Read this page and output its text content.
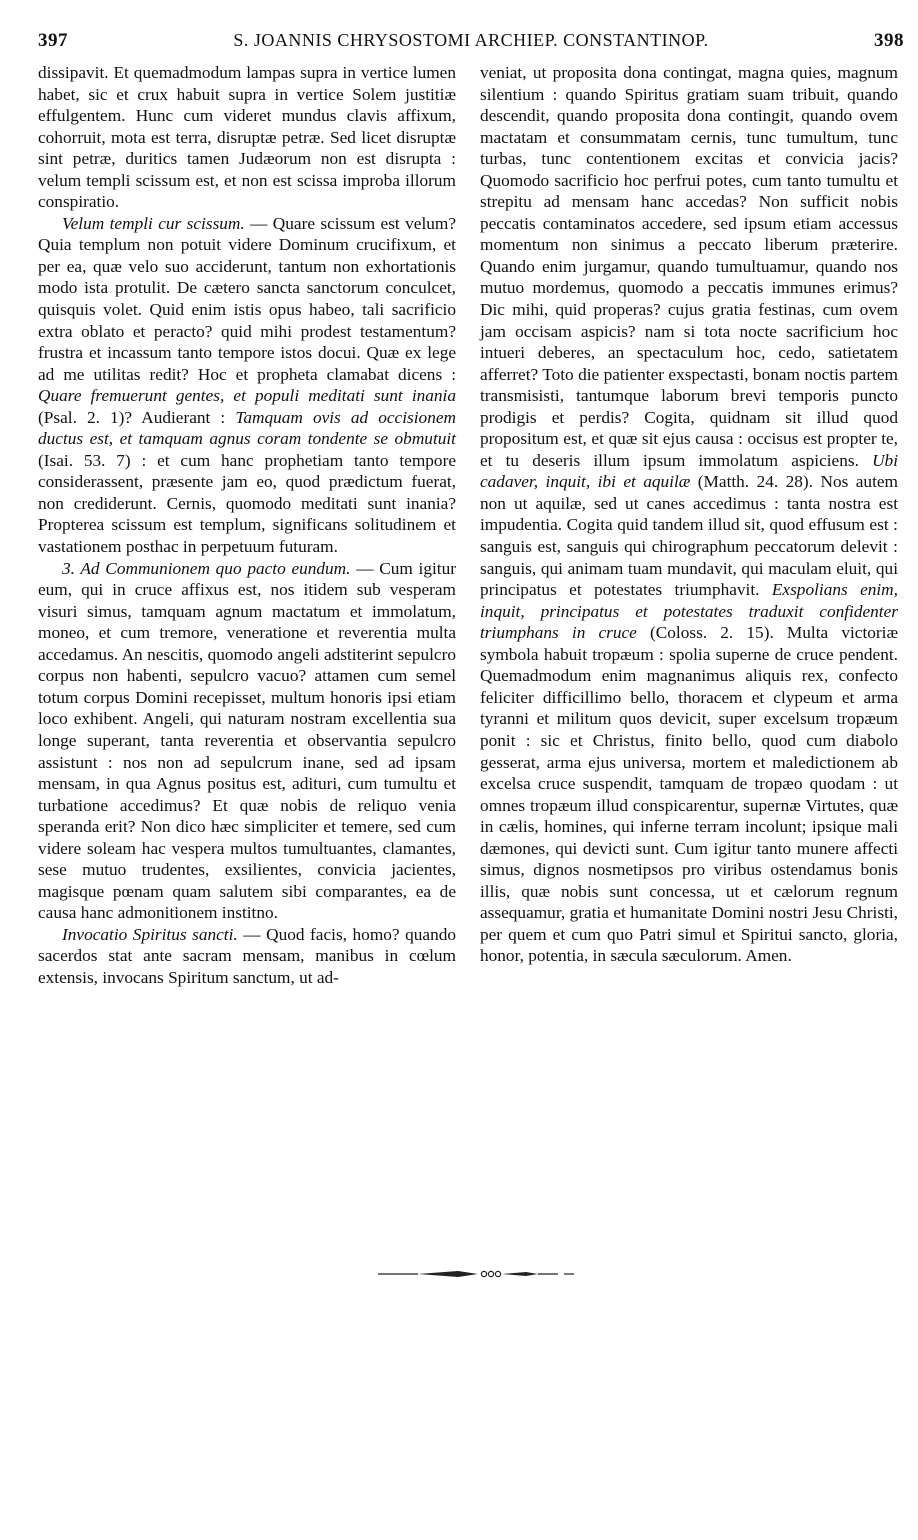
397	S. JOANNIS CHRYSOSTOMI ARCHIEP. CONSTANTINOP.	398

dissipavit. Et quemadmodum lampas supra in vertice lumen habet, sic et crux habuit supra in vertice Solem justitiæ effulgentem. Hunc cum videret mundus clavis affixum, cohorruit, mota est terra, disruptæ petræ. Sed licet disruptæ sint petræ, duritics tamen Judæorum non est disrupta : velum templi scissum est, et non est scissa improba illorum conspiratio.

Velum templi cur scissum. — Quare scissum est velum? Quia templum non potuit videre Dominum crucifixum, et per ea, quæ velo suo acciderunt, tantum non exhortationis modo ista protulit. De cætero sancta sanctorum conculcet, quisquis volet. Quid enim istis opus habeo, tali sacrificio extra oblato et peracto? quid mihi prodest testamentum? frustra et incassum tanto tempore istos docui. Quæ ex lege ad me utilitas redit? Hoc et propheta clamabat dicens : Quare fremuerunt gentes, et populi meditati sunt inania (Psal. 2. 1)? Audierant : Tamquam ovis ad occisionem ductus est, et tamquam agnus coram tondente se obmutuit (Isai. 53. 7) : et cum hanc prophetiam tanto tempore considerassent, præsente jam eo, quod prædictum fuerat, non crediderunt. Cernis, quomodo meditati sunt inania? Propterea scissum est templum, significans solitudinem et vastationem posthac in perpetuum futuram.

3. Ad Communionem quo pacto eundum. — Cum igitur eum, qui in cruce affixus est, nos itidem sub vesperam visuri simus, tamquam agnum mactatum et immolatum, moneo, et cum tremore, veneratione et reverentia multa accedamus. An nescitis, quomodo angeli adstiterint sepulcro corpus non habenti, sepulcro vacuo? attamen cum semel totum corpus Domini recepisset, multum honoris ipsi etiam loco exhibent. Angeli, qui naturam nostram excellentia sua longe superant, tanta reverentia et observantia sepulcro assistunt : nos non ad sepulcrum inane, sed ad ipsam mensam, in qua Agnus positus est, adituri, cum tumultu et turbatione accedimus? Et quæ nobis de reliquo venia speranda erit? Non dico hæc simpliciter et temere, sed cum videre soleam hac vespera multos tumultuantes, clamantes, sese mutuo trudentes, exsilientes, convicia jacientes, magisque pœnam quam salutem sibi comparantes, ea de causa hanc admonitionem institno.

Invocatio Spiritus sancti. — Quod facis, homo? quando sacerdos stat ante sacram mensam, manibus in cœlum extensis, invocans Spiritum sanctum, ut ad-

veniat, ut proposita dona contingat, magna quies, magnum silentium : quando Spiritus gratiam suam tribuit, quando descendit, quando proposita dona contingit, quando ovem mactatam et consummatam cernis, tunc tumultum, tunc turbas, tunc contentionem excitas et convicia jacis? Quomodo sacrificio hoc perfrui potes, cum tanto tumultu et strepitu ad mensam hanc accedas? Non sufficit nobis peccatis contaminatos accedere, sed ipsum etiam accessus momentum non sinimus a peccato liberum præterire. Quando enim jurgamur, quando tumultuamur, quando nos mutuo mordemus, quomodo a peccatis immunes erimus? Dic mihi, quid properas? cujus gratia festinas, cum ovem jam occisam aspicis? nam si tota nocte sacrificium hoc intueri deberes, an spectaculum hoc, cedo, satietatem afferret? Toto die patienter exspectasti, bonam noctis partem transmisisti, tantumque laborum brevi temporis puncto prodigis et perdis? Cogita, quidnam sit illud quod propositum est, et quæ sit ejus causa : occisus est propter te, et tu deseris illum ipsum immolatum aspiciens. Ubi cadaver, inquit, ibi et aquilæ (Matth. 24. 28). Nos autem non ut aquilæ, sed ut canes accedimus : tanta nostra est impudentia. Cogita quid tandem illud sit, quod effusum est : sanguis est, sanguis qui chirographum peccatorum delevit : sanguis, qui animam tuam mundavit, qui maculam eluit, qui principatus et potestates triumphavit. Exspolians enim, inquit, principatus et potestates traduxit confidenter triumphans in cruce (Coloss. 2. 15). Multa victoriæ symbola habuit tropæum : spolia superne de cruce pendent. Quemadmodum enim magnanimus aliquis rex, confecto feliciter difficillimo bello, thoracem et clypeum et arma tyranni et militum quos devicit, super excelsum tropæum ponit : sic et Christus, finito bello, quod cum diabolo gesserat, arma ejus universa, mortem et maledictionem ab excelsa cruce suspendit, tamquam de tropæo quodam : ut omnes tropæum illud conspicarentur, supernæ Virtutes, quæ in cælis, homines, qui inferne terram incolunt; ipsique mali dæmones, qui devicti sunt. Cum igitur tanto munere affecti simus, dignos nosmetipsos pro viribus ostendamus bonis illis, quæ nobis sunt concessa, ut et cælorum regnum assequamur, gratia et humanitate Domini nostri Jesu Christi, per quem et cum quo Patri simul et Spiritui sancto, gloria, honor, potentia, in sæcula sæculorum. Amen.
